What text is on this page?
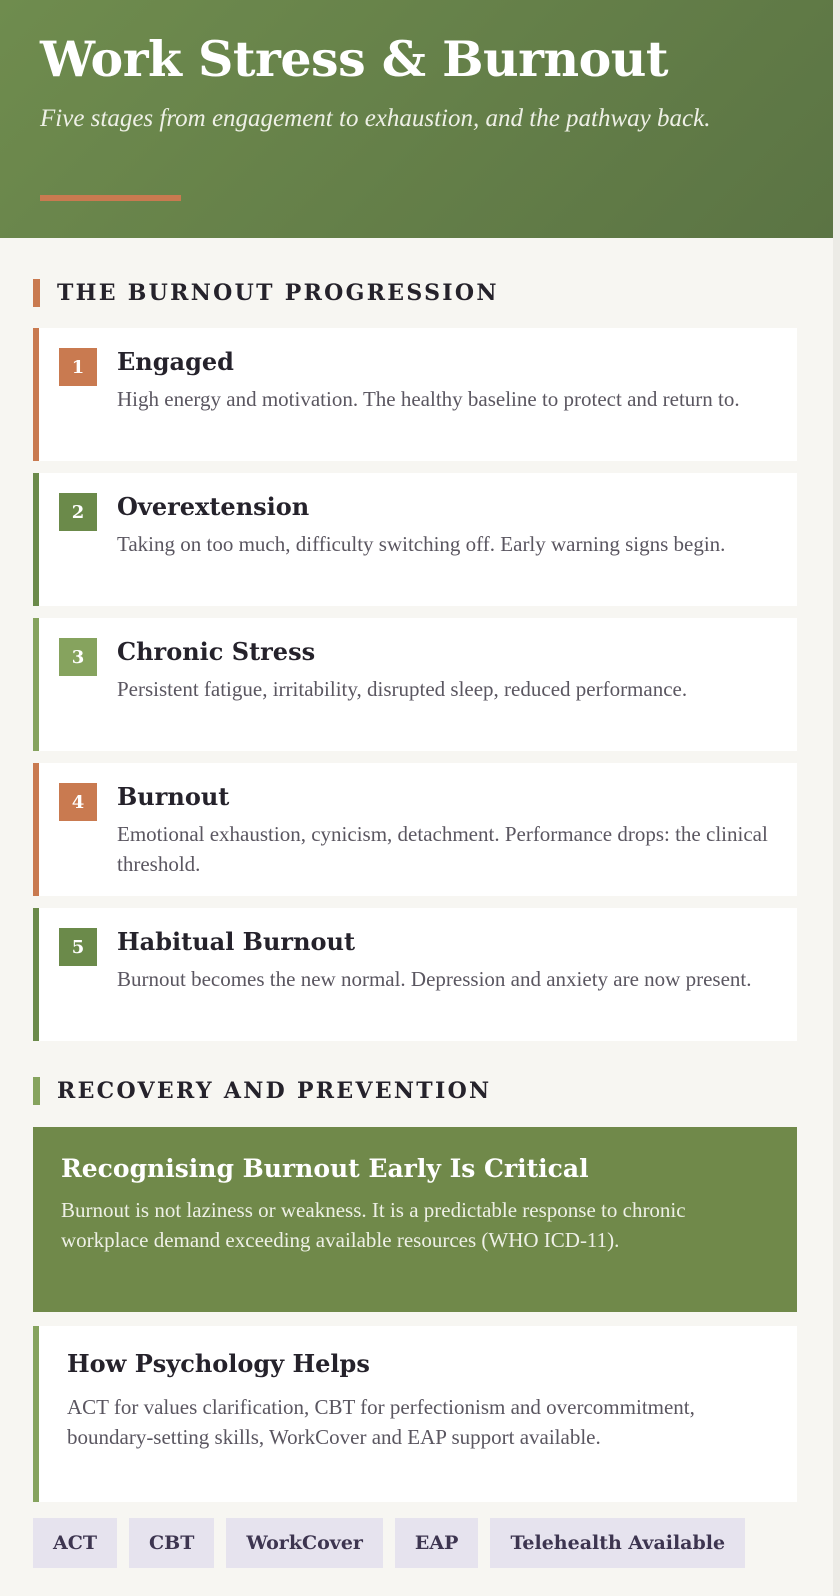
Work Stress & Burnout

Five stages from engagement to exhaustion, and the pathway back.

THE BURNOUT PROGRESSION
1	Engaged
High energy and motivation. The healthy baseline to protect and return to.
2	Overextension
Taking on too much, difficulty switching off. Early warning signs begin.
3	Chronic Stress
Persistent fatigue, irritability, disrupted sleep, reduced performance.
4	Burnout
Emotional exhaustion, cynicism, detachment. Performance drops: the clinical threshold.
5	Habitual Burnout
Burnout becomes the new normal. Depression and anxiety are now present.
RECOVERY AND PREVENTION
Recognising Burnout Early Is Critical

Burnout is not laziness or weakness. It is a predictable response to chronic workplace demand exceeding available resources (WHO ICD-11).

How Psychology Helps

ACT for values clarification, CBT for perfectionism and overcommitment, boundary-setting skills, WorkCover and EAP support available.

ACT	CBT	WorkCover	EAP	Telehealth Available
